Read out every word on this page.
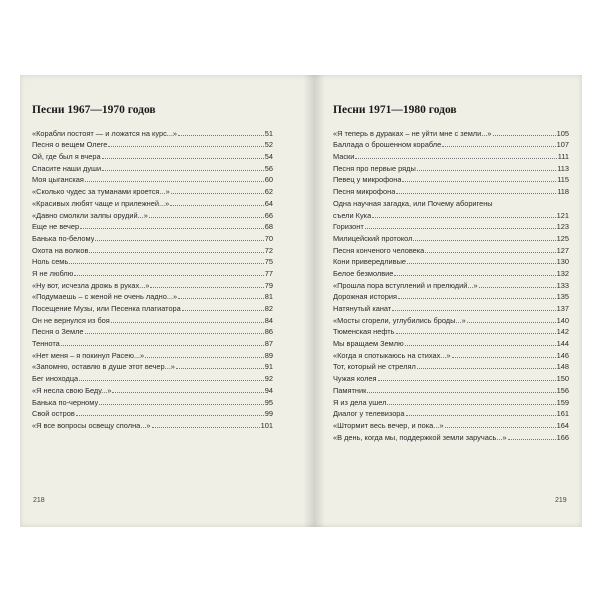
Песни 1967—1970 годов
«Корабли постоят — и ложатся на курс...»	51
Песня о вещем Олеге	52
Ой, где был я вчера	54
Спасите наши души	56
Моя цыганская	60
«Сколько чудес за туманами кроется...»	62
«Красивых любят чаще и прилежней...»	64
«Давно смолкли залпы орудий...»	66
Еще не вечер	68
Банька по-белому	70
Охота на волков	72
Ноль семь	75
Я не люблю	77
«Ну вот, исчезла дрожь в руках...»	79
«Подумаешь – с женой не очень ладно...»	81
Посещение Музы, или Песенка плагиатора	82
Он не вернулся из боя	84
Песня о Земле	86
Теннота	87
«Нет меня – я покинул Расею...»	89
«Запомню, оставлю в душе этот вечер...»	91
Бег иноходца	92
«Я несла свою Беду...»	94
Банька по-черному	95
Свой остров	99
«Я все вопросы освещу сполна...»	101
218
Песни 1971—1980 годов
«Я теперь в дураках – не уйти мне с земли...»	105
Баллада о брошенном корабле	107
Маски	111
Песня про первые ряды	113
Певец у микрофона	115
Песня микрофона	118
Одна научная загадка, или Почему аборигены
съели Кука	121
Горизонт	123
Милицейский протокол	125
Песня конченого человека	127
Кони привередливые	130
Белое безмолвие	132
«Прошла пора вступлений и прелюдий...»	133
Дорожная история	135
Натянутый канат	137
«Мосты сгорели, углубились броды...»	140
Тюменская нефть	142
Мы вращаем Землю	144
«Когда я спотыкаюсь на стихах...»	146
Тот, который не стрелял	148
Чужая колея	150
Памятник	156
Я из дела ушел	159
Диалог у телевизора	161
«Штормит весь вечер, и пока...»	164
«В день, когда мы, поддержкой земли заручась...»	166
219
